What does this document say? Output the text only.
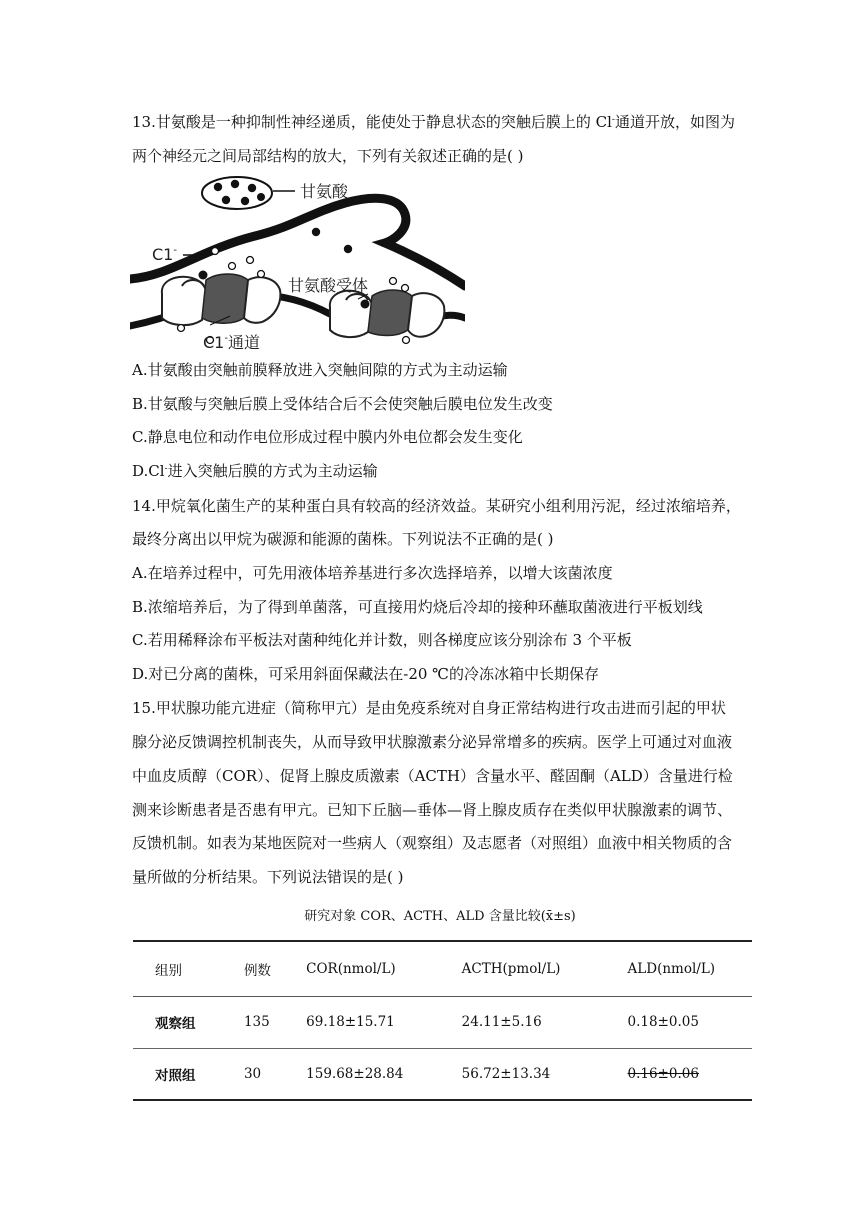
13.甘氨酸是一种抑制性神经递质，能使处于静息状态的突触后膜上的 Cl-通道开放，如图为
两个神经元之间局部结构的放大，下列有关叙述正确的是( )
甘氨酸
C1-
甘氨酸受体
C1-通道
A.甘氨酸由突触前膜释放进入突触间隙的方式为主动运输
B.甘氨酸与突触后膜上受体结合后不会使突触后膜电位发生改变
C.静息电位和动作电位形成过程中膜内外电位都会发生变化
D.Cl-进入突触后膜的方式为主动运输
14.甲烷氧化菌生产的某种蛋白具有较高的经济效益。某研究小组利用污泥，经过浓缩培养，
最终分离出以甲烷为碳源和能源的菌株。下列说法不正确的是( )
A.在培养过程中，可先用液体培养基进行多次选择培养，以增大该菌浓度
B.浓缩培养后，为了得到单菌落，可直接用灼烧后冷却的接种环蘸取菌液进行平板划线
C.若用稀释涂布平板法对菌种纯化并计数，则各梯度应该分别涂布 3 个平板
D.对已分离的菌株，可采用斜面保藏法在-20 ℃的冷冻冰箱中长期保存
15.甲状腺功能亢进症（简称甲亢）是由免疫系统对自身正常结构进行攻击进而引起的甲状
腺分泌反馈调控机制丧失，从而导致甲状腺激素分泌异常增多的疾病。医学上可通过对血液
中血皮质醇（COR）、促肾上腺皮质激素（ACTH）含量水平、醛固酮（ALD）含量进行检
测来诊断患者是否患有甲亢。已知下丘脑—垂体—肾上腺皮质存在类似甲状腺激素的调节、
反馈机制。如表为某地医院对一些病人（观察组）及志愿者（对照组）血液中相关物质的含
量所做的分析结果。下列说法错误的是( )
研究对象 COR、ACTH、ALD 含量比较(x̄±s)
组别	例数	COR(nmol/L)	ACTH(pmol/L)	ALD(nmol/L)
观察组	135	69.18±15.71	24.11±5.16	0.18±0.05
对照组	30	159.68±28.84	56.72±13.34	0.16±0.06
